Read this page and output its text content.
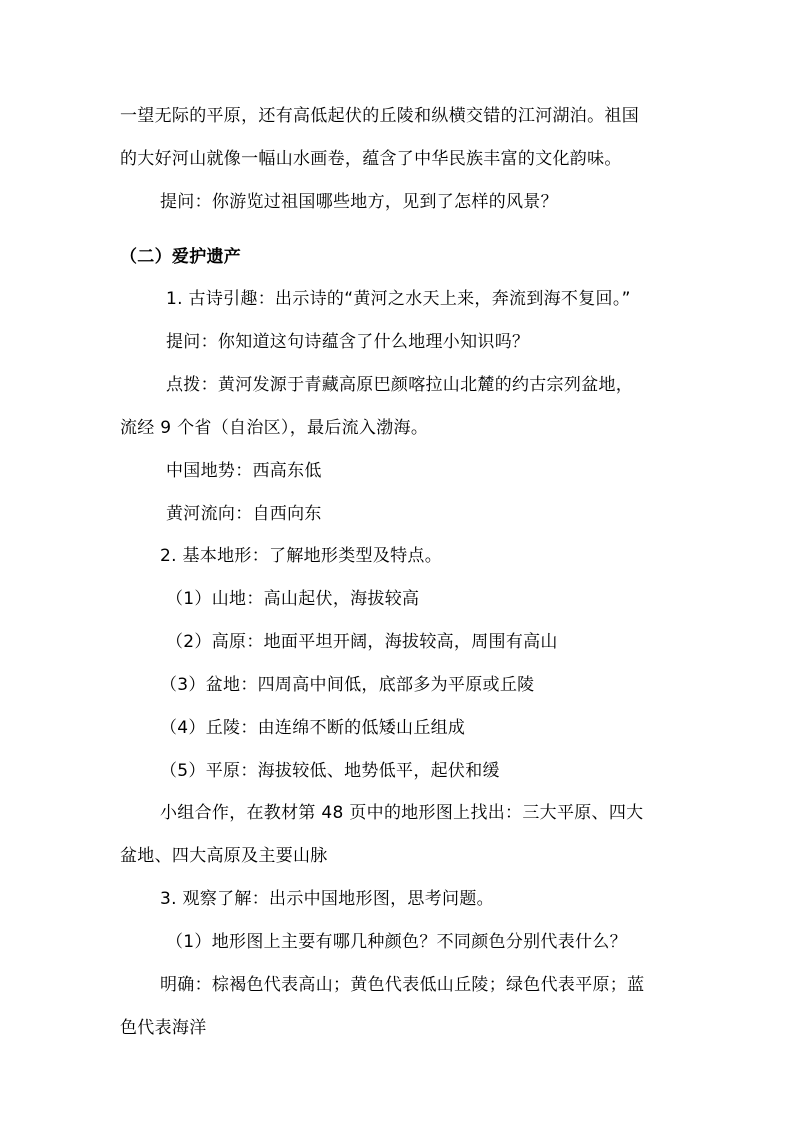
一望无际的平原，还有高低起伏的丘陵和纵横交错的江河湖泊。祖国
的大好河山就像一幅山水画卷，蕴含了中华民族丰富的文化韵味。
提问：你游览过祖国哪些地方，见到了怎样的风景？
（二）爱护遗产
1. 古诗引趣：出示诗的“黄河之水天上来，奔流到海不复回。”
提问：你知道这句诗蕴含了什么地理小知识吗？
点拨：黄河发源于青藏高原巴颜喀拉山北麓的约古宗列盆地，
流经 9 个省（自治区），最后流入渤海。
中国地势：西高东低
黄河流向：自西向东
2. 基本地形：了解地形类型及特点。
（1）山地：高山起伏，海拔较高
（2）高原：地面平坦开阔，海拔较高，周围有高山
（3）盆地：四周高中间低，底部多为平原或丘陵
（4）丘陵：由连绵不断的低矮山丘组成
（5）平原：海拔较低、地势低平，起伏和缓
小组合作，在教材第 48 页中的地形图上找出：三大平原、四大
盆地、四大高原及主要山脉
3. 观察了解：出示中国地形图，思考问题。
（1）地形图上主要有哪几种颜色？不同颜色分别代表什么？
明确：棕褐色代表高山；黄色代表低山丘陵；绿色代表平原；蓝
色代表海洋
